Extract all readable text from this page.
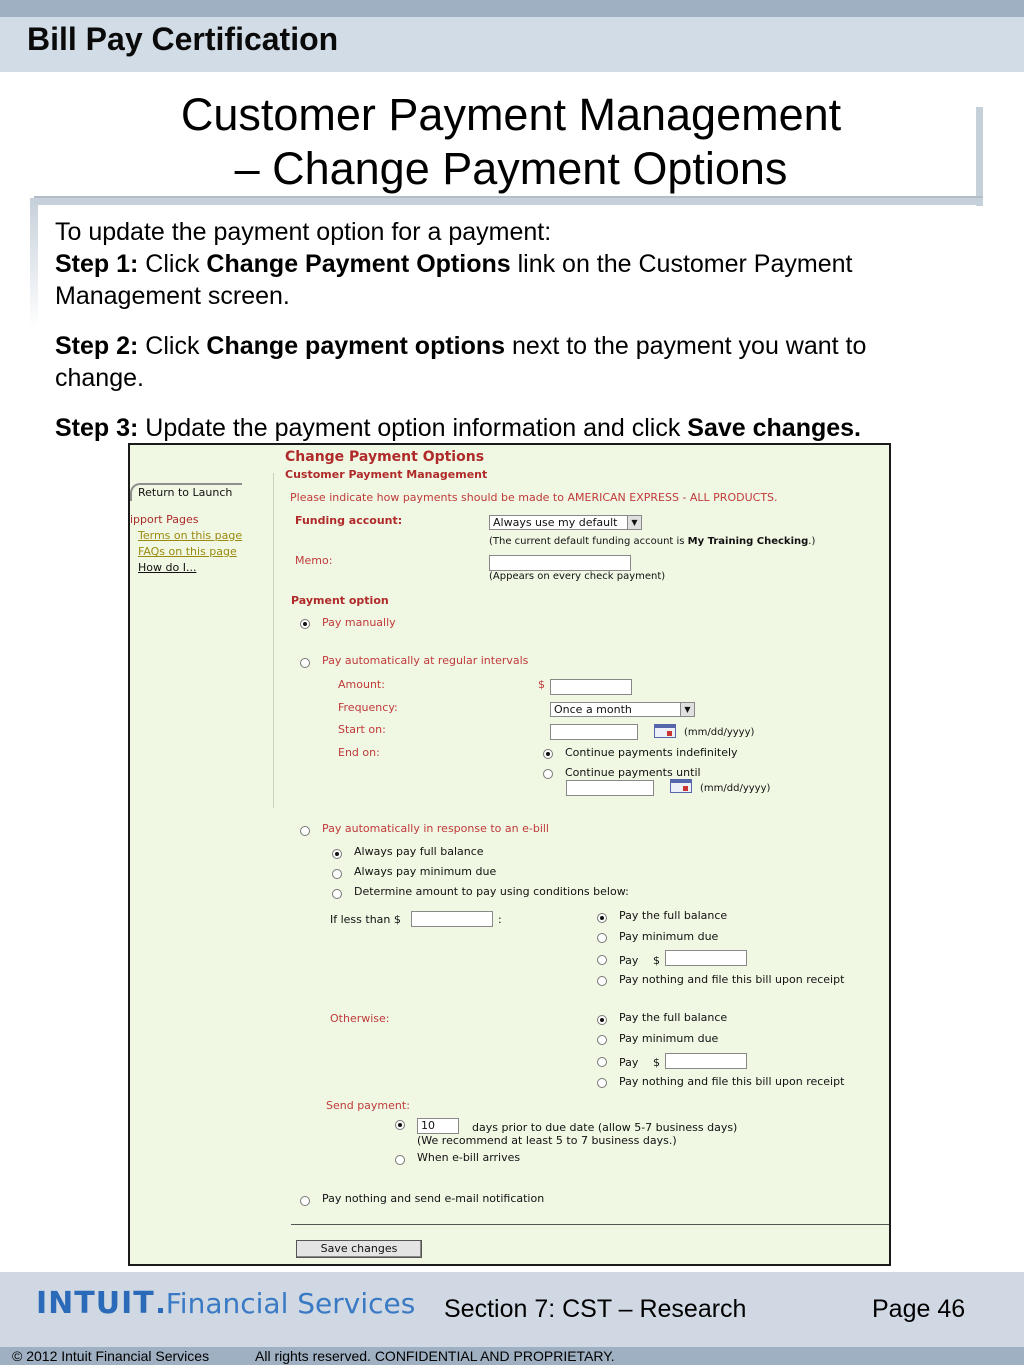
Bill Pay Certification
Customer Payment Management
– Change Payment Options

To update the payment option for a payment:

Step 1: Click Change Payment Options link on the Customer Payment Management screen.

Step 2: Click Change payment options next to the payment you want to change.

Step 3: Update the payment option information and click Save changes.

Return to Launch
ipport Pages
Terms on this page
FAQs on this page
How do I...
Change Payment Options
Customer Payment Management
Please indicate how payments should be made to AMERICAN EXPRESS - ALL PRODUCTS.
Funding account:	Always use my default	▼
(The current default funding account is My Training Checking.)
Memo:
(Appears on every check payment)
Payment option
Pay manually
Pay automatically at regular intervals
Amount:	$
Frequency:	Once a month	▼
Start on:	(mm/dd/yyyy)
End on:	Continue payments indefinitely
Continue payments until
(mm/dd/yyyy)
Pay automatically in response to an e-bill
Always pay full balance
Always pay minimum due
Determine amount to pay using conditions below:
If less than $	:	Pay the full balance
Pay minimum due
Pay $
Pay nothing and file this bill upon receipt
Otherwise:	Pay the full balance
Pay minimum due
Pay $
Pay nothing and file this bill upon receipt
Send payment:
10	days prior to due date (allow 5-7 business days)
(We recommend at least 5 to 7 business days.)
When e-bill arrives
Pay nothing and send e-mail notification
Save changes
INTUIT Financial Services Section 7: CST – Research	Page 46
© 2012 Intuit Financial Services	All rights reserved. CONFIDENTIAL AND PROPRIETARY.
